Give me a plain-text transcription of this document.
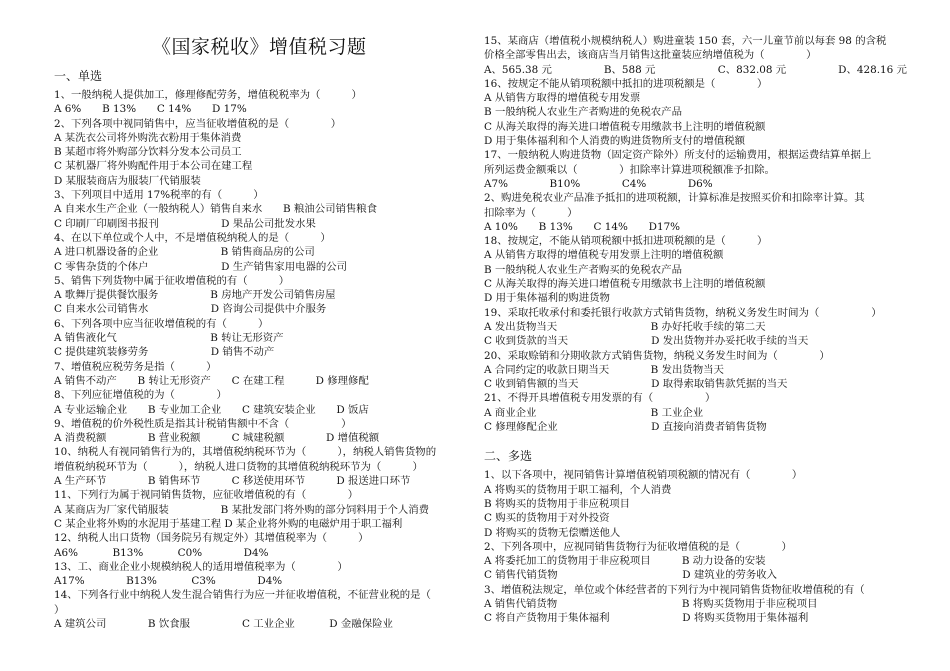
《国家税收》增值税习题
一、单选
1、一般纳税人提供加工，修理修配劳务，增值税税率为（　　　）
A 6%　　B 13%　　C 14%　　D 17%
2、下列各项中视同销售中，应当征收增值税的是（　　　　）
A 某洗衣公司将外购洗衣粉用于集体消费
B 某超市将外购部分饮料分发本公司员工
C 某机器厂将外购配件用于本公司在建工程
D 某服装商店为服装厂代销服装
3、下列项目中适用 17%税率的有（　　　）
A 自来水生产企业（一般纳税人）销售自来水　　B 粮油公司销售粮食
C 印刷厂印刷图书报刊　　　　　　D 果品公司批发水果
4、在以下单位或个人中，不是增值税纳税人的是（　　　）
A 进口机器设备的企业　　　　　　B 销售商品房的公司
C 零售杂货的个体户　　　　　　　D 生产销售家用电器的公司
5、销售下列货物中属于征收增值税的有（　　　）
A 歌舞厅提供餐饮服务　　　　　B 房地产开发公司销售房屋
C 自来水公司销售水　　　　　　D 咨询公司提供中介服务
6、下列各项中应当征收增值税的有（　　　）
A 销售液化气　　　　　　　　　B 转让无形资产
C 提供建筑装修劳务　　　　　　D 销售不动产
7、增值税应税劳务是指（　　　）
A 销售不动产　　B 转让无形资产　　C 在建工程　　　D 修理修配
8、下列应征增值税的为（　　　　）
A 专业运输企业　　B 专业加工企业　　C 建筑安装企业　　D 饭店
9、增值税的价外税性质是指其计税销售额中不含（　　　　　）
A 消费税额　　　　B 营业税额　　　C 城建税额　　　　D 增值税额
10、纳税人有视同销售行为的，其增值税纳税环节为（　　　），纳税人销售货物的
增值税纳税环节为（　　　），纳税人进口货物的其增值税纳税环节为（　　　）
A 生产环节　　　　B 销售环节　　　C 移送使用环节　　　D 报送进口环节
11、下列行为属于视同销售货物，应征收增值税的有（　　　　）
A 某商店为厂家代销服装　　　　　B 某批发部门将外购的部分饲料用于个人消费
C 某企业将外购的水泥用于基建工程 D 某企业将外购的电磁炉用于职工福利
12、纳税人出口货物（国务院另有规定外）其增值税率为（　　　）
A6%　　　 B13%　　　 C0%　　　　D4%
13、工、商业企业小规模纳税人的适用增值税率为（　　　　）
A17%　　　　B13%　　　 C3%　　　　D4%
14、下列各行业中纳税人发生混合销售行为应一并征收增值税，不征营业税的是（
）
A 建筑公司　　　　B 饮食服　　　　　C 工业企业　　　 D 金融保险业
15、某商店（增值税小规模纳税人）购进童装 150 套，六一儿童节前以每套 98 的含税
价格全部零售出去，该商店当月销售这批童装应纳增值税为（　　　　）
A、565.38 元　　　　　B、588 元　　　　　　C、832.08 元　　　　　D、428.16 元
16、按规定不能从销项税额中抵扣的进项税额是（　　　　）
A 从销售方取得的增值税专用发票
B 一般纳税人农业生产者购进的免税农产品
C 从海关取得的海关进口增值税专用缴款书上注明的增值税额
D 用于集体福利和个人消费的购进货物所支付的增值税额
17、一般纳税人购进货物（固定资产除外）所支付的运输费用，根据运费结算单据上
所列运费金额乘以（　　　　）扣除率计算进项税额准予扣除。
A7%　　　　B10%　　　　C4%　　　　D6%
2、购进免税农业产品准予抵扣的进项税额，计算标准是按照买价和扣除率计算。其
扣除率为（　　　）
A 10%　　B 13%　　C 14%　　D17%
18、按规定，不能从销项税额中抵扣进项税额的是（　　　）
A 从销售方取得的增值税专用发票上注明的增值税额
B 一般纳税人农业生产者购买的免税农产品
C 从海关取得的海关进口增值税专用缴款书上注明的增值税额
D 用于集体福利的购进货物
19、采取托收承付和委托银行收款方式销售货物，纳税义务发生时间为（　　　　　）
A 发出货物当天　　　　　　　　　B 办好托收手续的第二天
C 收到货款的当天　　　　　　　　D 发出货物并办妥托收手续的当天
20、采取赊销和分期收款方式销售货物，纳税义务发生时间为（　　　　）
A 合同约定的收款日期当天　　　　B 发出货物当天
C 收到销售额的当天　　　　　　　D 取得索取销售款凭据的当天
21、不得开具增值税专用发票的有（　　　　　）
A 商业企业　　　　　　　　　　　B 工业企业
C 修理修配企业　　　　　　　　　D 直接向消费者销售货物
二、多选
1、以下各项中，视同销售计算增值税销项税额的情况有（　　　　）
A 将购买的货物用于职工福利，个人消费
B 将购买的货物用于非应税项目
C 购买的货物用于对外投资
D 将购买的货物无偿赠送他人
2、下列各项中，应视同销售货物行为征收增值税的是（　　　　）
A 将委托加工的货物用于非应税项目　　　B 动力设备的安装
C 销售代销货物　　　　　　　　　　　　D 建筑业的劳务收入
3、增值税法规定，单位或个体经营者的下列行为中视同销售货物征收增值税的有（
A 销售代销货物　　　　　　　　　　　　B 将购买货物用于非应税项目
C 将自产货物用于集体福利　　　　　　　D 将购买货物用于集体福利
